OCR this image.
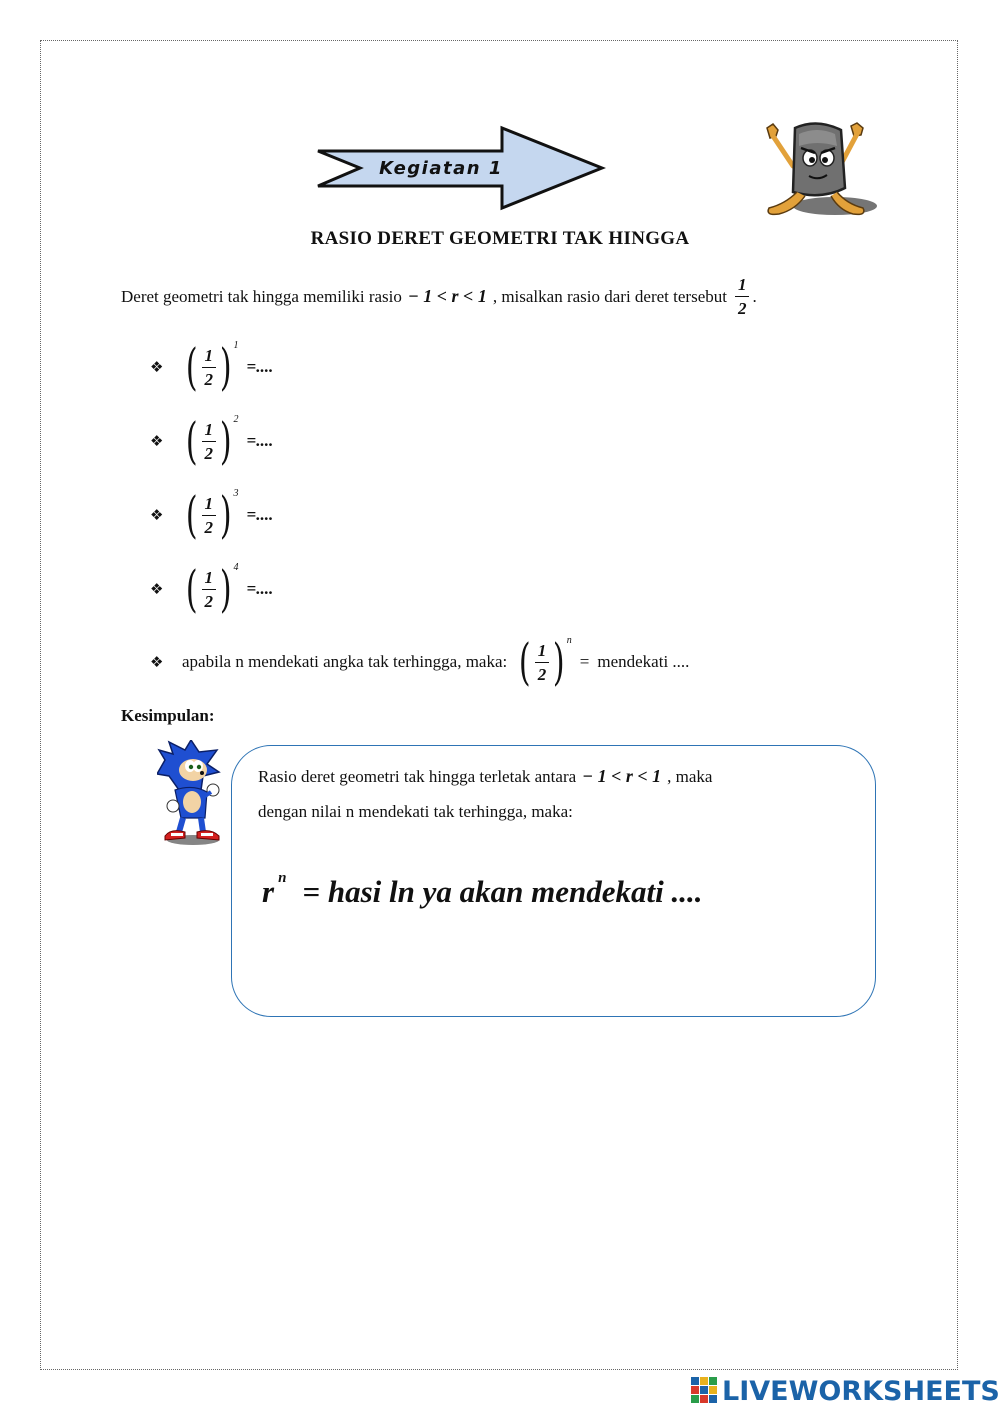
Kegiatan 1
RASIO DERET GEOMETRI TAK HINGGA
Deret geometri tak hingga memiliki rasio − 1 < r < 1 , misalkan rasio dari deret tersebut $\frac{1}{2}$ .
❖ ( $\frac{1}{2}$ ) 1
=....
❖ ( $\frac{1}{2}$ ) 2
=....
❖ ( $\frac{1}{2}$ ) 3
=....
❖ ( $\frac{1}{2}$ ) 4
=....
❖	apabila n mendekati angka tak terhingga, maka: ( $\frac{1}{2}$ ) n
= mendekati ....
Kesimpulan:
Rasio deret geometri tak hingga terletak antara − 1 < r < 1 , maka
dengan nilai n mendekati tak terhingga, maka:
r n = hasi ln ya akan mendekati ....
LIVEWORKSHEETS
